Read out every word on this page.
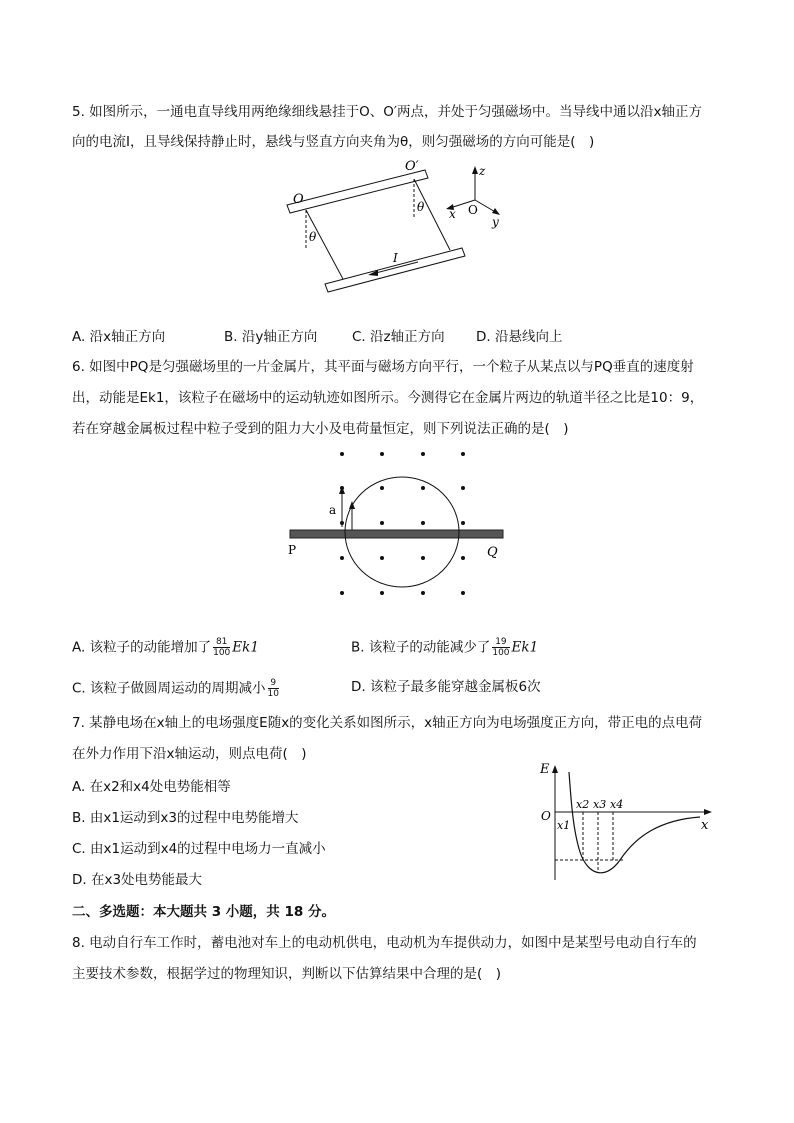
5. 如图所示，一通电直导线用两绝缘细线悬挂于O、O′两点，并处于匀强磁场中。当导线中通以沿x轴正方
向的电流I，且导线保持静止时，悬线与竖直方向夹角为θ，则匀强磁场的方向可能是(　)
O
O′
θ
θ
I
z
x O
y
A. 沿x轴正方向	B. 沿y轴正方向	C. 沿z轴正方向 D. 沿悬线向上
6. 如图中PQ是匀强磁场里的一片金属片，其平面与磁场方向平行，一个粒子从某点以与PQ垂直的速度射
出，动能是Ek1，该粒子在磁场中的运动轨迹如图所示。今测得它在金属片两边的轨道半径之比是10：9，
若在穿越金属板过程中粒子受到的阻力大小及电荷量恒定，则下列说法正确的是(　)
a
P	Q
A. 该粒子的动能增加了 $\frac{81}{100} Ek1$	B. 该粒子的动能减少了 $\frac{19}{100} Ek1$
C. 该粒子做圆周运动的周期减小 $\frac{9}{10}$	D. 该粒子最多能穿越金属板6次
7. 某静电场在x轴上的电场强度E随x的变化关系如图所示，x轴正方向为电场强度正方向，带正电的点电荷
在外力作用下沿x轴运动，则点电荷(　)
A. 在x2和x4处电势能相等
B. 由x1运动到x3的过程中电势能增大
C. 由x1运动到x4的过程中电场力一直减小
D. 在x3处电势能最大
E
O
x
x1
x2 x3 x4
二、多选题：本大题共 3 小题，共 18 分。
8. 电动自行车工作时，蓄电池对车上的电动机供电，电动机为车提供动力，如图中是某型号电动自行车的
主要技术参数，根据学过的物理知识，判断以下估算结果中合理的是(　)
